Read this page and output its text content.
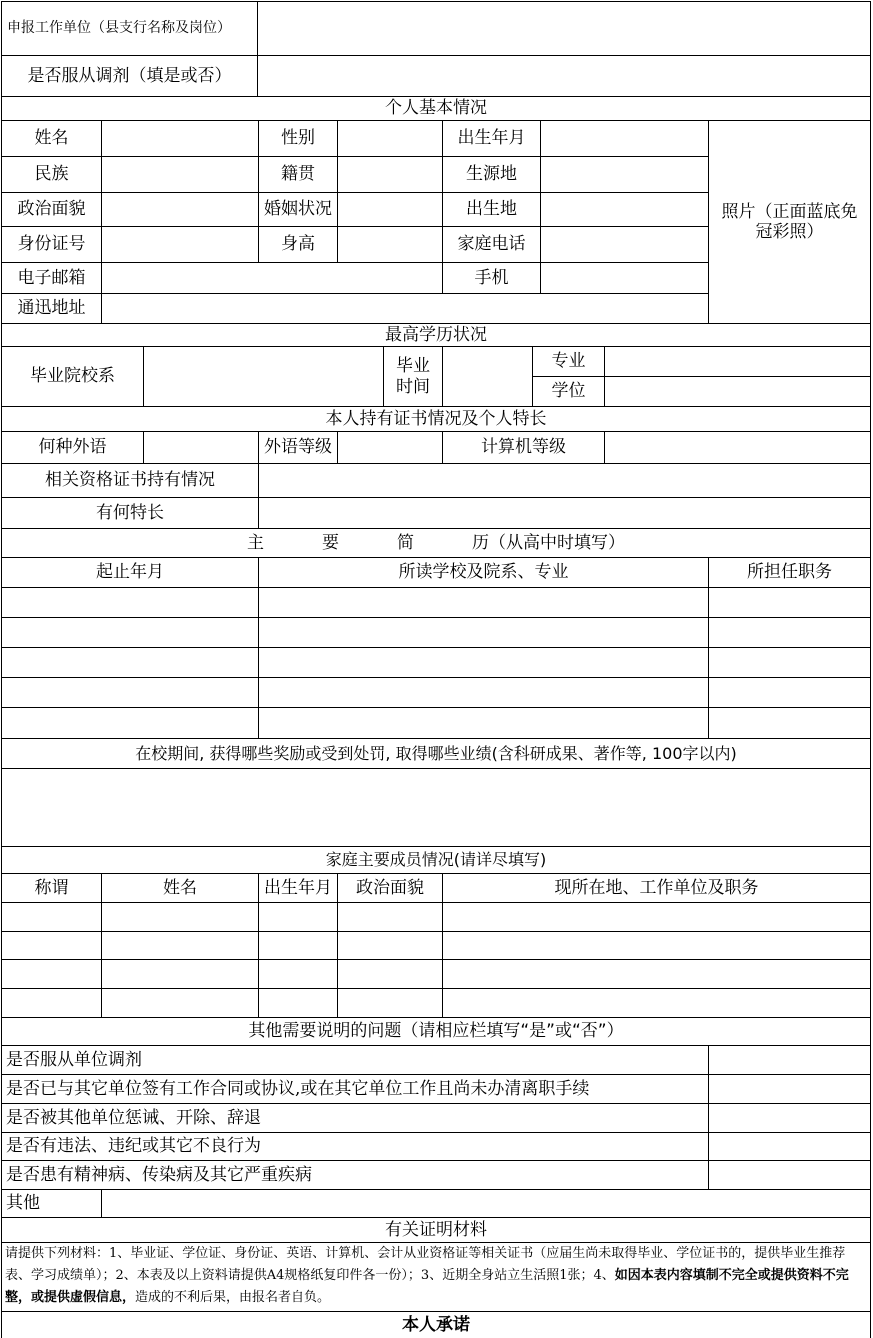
申报工作单位（县支行名称及岗位）
是否服从调剂（填是或否）
个人基本情况
姓名	性别	出生年月
民族	籍贯	生源地
政治面貌	婚姻状况	出生地
身份证号	身高	家庭电话
电子邮箱	手机
通迅地址
照片（正面蓝底免冠彩照）
最高学历状况
毕业院校系
毕业时间
专业
学位
本人持有证书情况及个人特长
何种外语	外语等级	计算机等级
相关资格证书持有情况
有何特长
主	要	简	历 （从高中时填写）
起止年月	所读学校及院系、专业	所担任职务
在校期间, 获得哪些奖励或受到处罚, 取得哪些业绩(含科研成果、著作等, 100字以内)
家庭主要成员情况(请详尽填写)
称谓	姓名	出生年月	政治面貌	现所在地、工作单位及职务
其他需要说明的问题（请相应栏填写“是”或“否”）
是否服从单位调剂
是否已与其它单位签有工作合同或协议,或在其它单位工作且尚未办清离职手续
是否被其他单位惩诫、开除、辞退
是否有违法、违纪或其它不良行为
是否患有精神病、传染病及其它严重疾病
其他
有关证明材料
请提供下列材料：1、毕业证、学位证、身份证、英语、计算机、会计从业资格证等相关证书（应届生尚未取得毕业、学位证书的，提供毕业生推荐表、学习成绩单）；2、本表及以上资料请提供A4规格纸复印件各一份）；3、近期全身站立生活照1张；4、如因本表内容填制不完全或提供资料不完整，或提供虚假信息，造成的不利后果，由报名者自负。
本人承诺
